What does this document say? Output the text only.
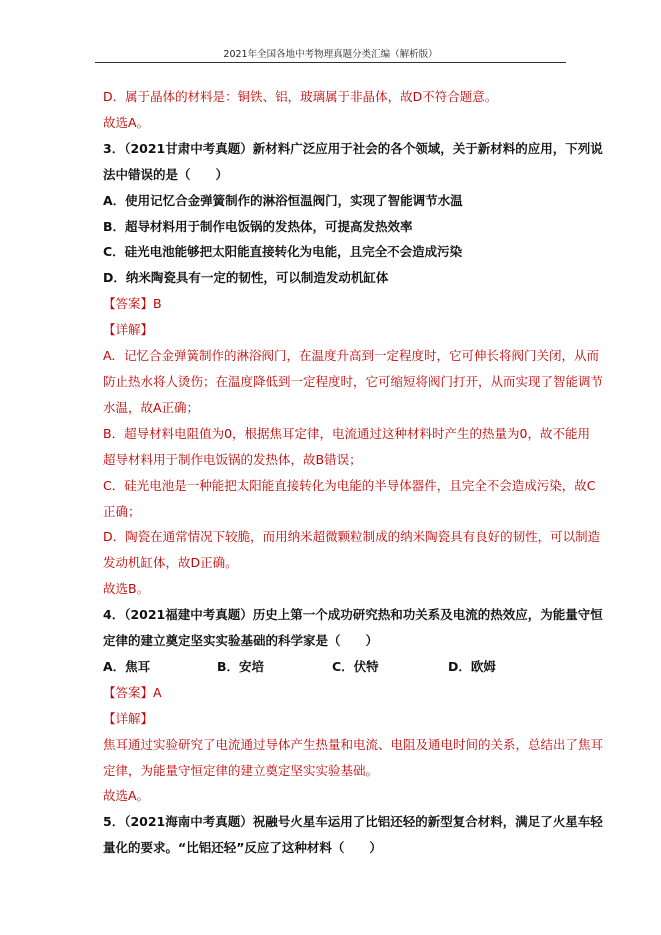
2021年全国各地中考物理真题分类汇编（解析版）
D．属于晶体的材料是：铜铁、铝，玻璃属于非晶体，故D不符合题意。
故选A。
3．（2021甘肃中考真题）新材料广泛应用于社会的各个领域，关于新材料的应用，下列说
法中错误的是（　　）
A．使用记忆合金弹簧制作的淋浴恒温阀门，实现了智能调节水温
B．超导材料用于制作电饭锅的发热体，可提高发热效率
C．硅光电池能够把太阳能直接转化为电能，且完全不会造成污染
D．纳米陶瓷具有一定的韧性，可以制造发动机缸体
【答案】B
【详解】
A．记忆合金弹簧制作的淋浴阀门，在温度升高到一定程度时，它可伸长将阀门关闭，从而
防止热水将人烫伤；在温度降低到一定程度时，它可缩短将阀门打开，从而实现了智能调节
水温，故A正确；
B．超导材料电阻值为0，根据焦耳定律，电流通过这种材料时产生的热量为0，故不能用
超导材料用于制作电饭锅的发热体，故B错误；
C．硅光电池是一种能把太阳能直接转化为电能的半导体器件，且完全不会造成污染，故C
正确；
D．陶瓷在通常情况下较脆，而用纳米超微颗粒制成的纳米陶瓷具有良好的韧性，可以制造
发动机缸体，故D正确。
故选B。
4．（2021福建中考真题）历史上第一个成功研究热和功关系及电流的热效应，为能量守恒
定律的建立奠定坚实实验基础的科学家是（　　）
A．焦耳	B．安培	C．伏特	D．欧姆
【答案】A
【详解】
焦耳通过实验研究了电流通过导体产生热量和电流、电阻及通电时间的关系，总结出了焦耳
定律，为能量守恒定律的建立奠定坚实实验基础。
故选A。
5．（2021海南中考真题）祝融号火星车运用了比铝还轻的新型复合材料，满足了火星车轻
量化的要求。“比铝还轻”反应了这种材料（　　）
